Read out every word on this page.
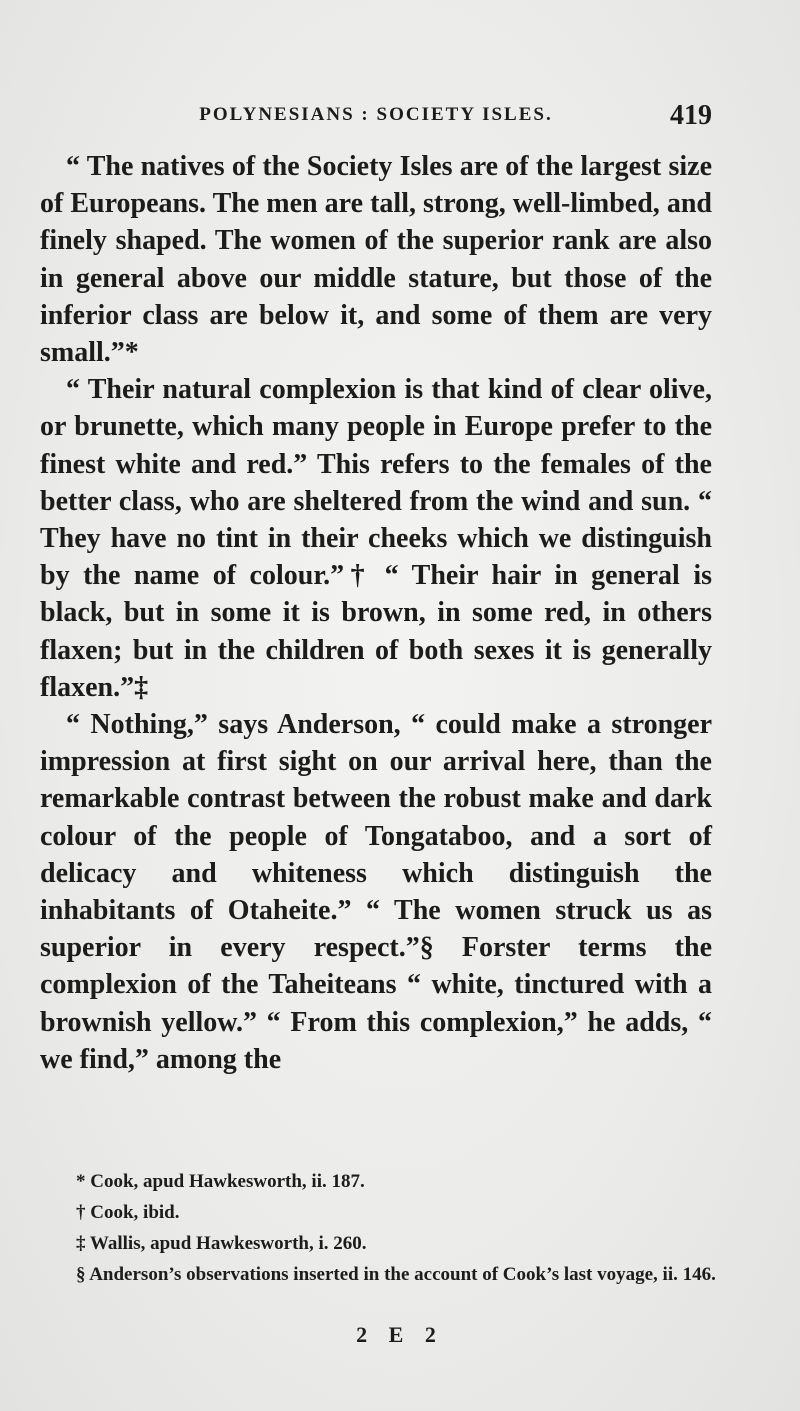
POLYNESIANS : SOCIETY ISLES.	419

“ The natives of the Society Isles are of the largest size of Europeans. The men are tall, strong, well-limbed, and finely shaped. The women of the superior rank are also in general above our middle stature, but those of the inferior class are below it, and some of them are very small.”*

“ Their natural complexion is that kind of clear olive, or brunette, which many people in Europe prefer to the finest white and red.” This refers to the females of the better class, who are sheltered from the wind and sun. “ They have no tint in their cheeks which we distinguish by the name of colour.”† “ Their hair in general is black, but in some it is brown, in some red, in others flaxen; but in the children of both sexes it is generally flaxen.”‡

“ Nothing,” says Anderson, “ could make a stronger impression at first sight on our arrival here, than the remarkable contrast between the robust make and dark colour of the people of Tongataboo, and a sort of delicacy and whiteness which distinguish the inhabitants of Otaheite.” “ The women struck us as superior in every respect.”§ Forster terms the complexion of the Taheiteans “ white, tinctured with a brownish yellow.” “ From this complexion,” he adds, “ we find,” among the

* Cook, apud Hawkesworth, ii. 187.

† Cook, ibid.

‡ Wallis, apud Hawkesworth, i. 260.

§ Anderson’s observations inserted in the account of Cook’s last voyage, ii. 146.

2 E 2
